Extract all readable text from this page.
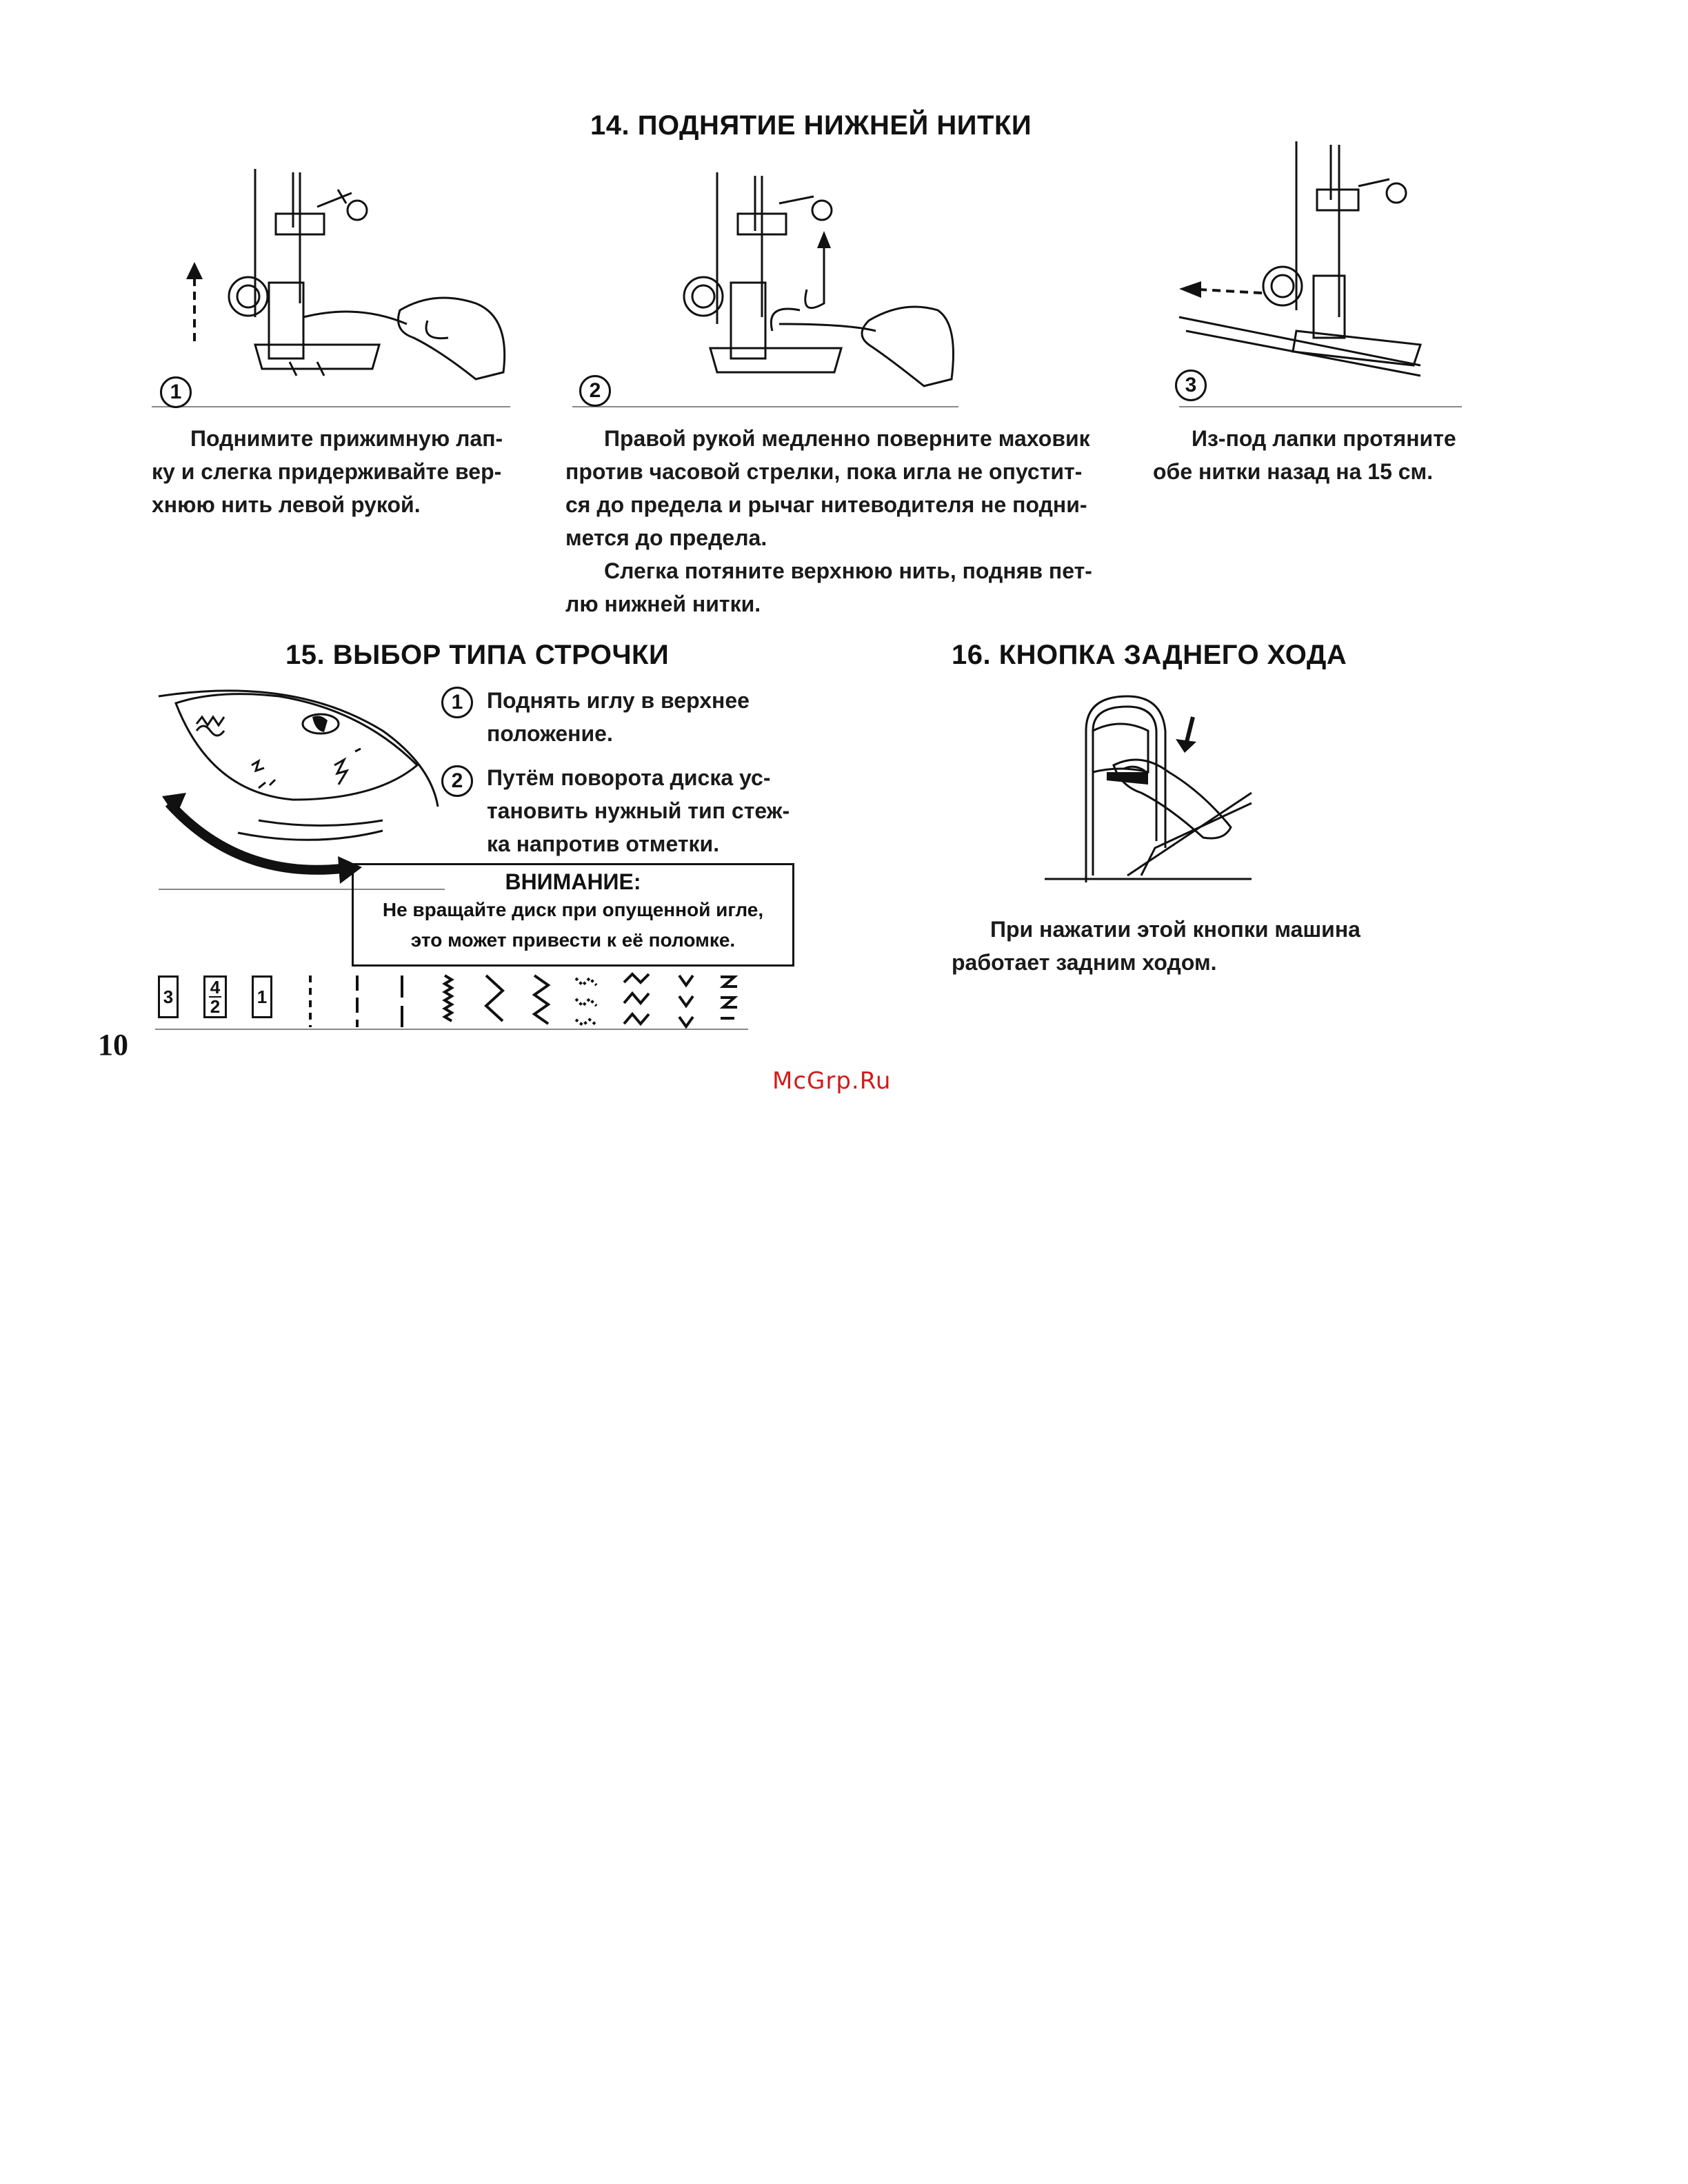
14. ПОДНЯТИЕ НИЖНЕЙ НИТКИ
1

Поднимите прижимную лап-

ку и слегка придерживайте вер-
хнюю нить левой рукой.
2

Правой рукой медленно поверните маховик

против часовой стрелки, пока игла не опустит-
ся до предела и рычаг нитеводителя не подни-
мется до предела.

Слегка потяните верхнюю нить, подняв пет-

лю нижней нитки.
3

Из-под лапки протяните

обе нитки назад на 15 см.
15. ВЫБОР ТИПА СТРОЧКИ
1	Поднять иглу в верхнее
положение.
2	Путём поворота диска ус-
тановить нужный тип стеж-
ка напротив отметки.
ВНИМАНИЕ:
Не вращайте диск при опущенной игле,
это может привести к её поломке.
3 4
2 1
16. КНОПКА ЗАДНЕГО ХОДА

При нажатии этой кнопки машина

работает задним ходом.
10
McGrp.Ru
